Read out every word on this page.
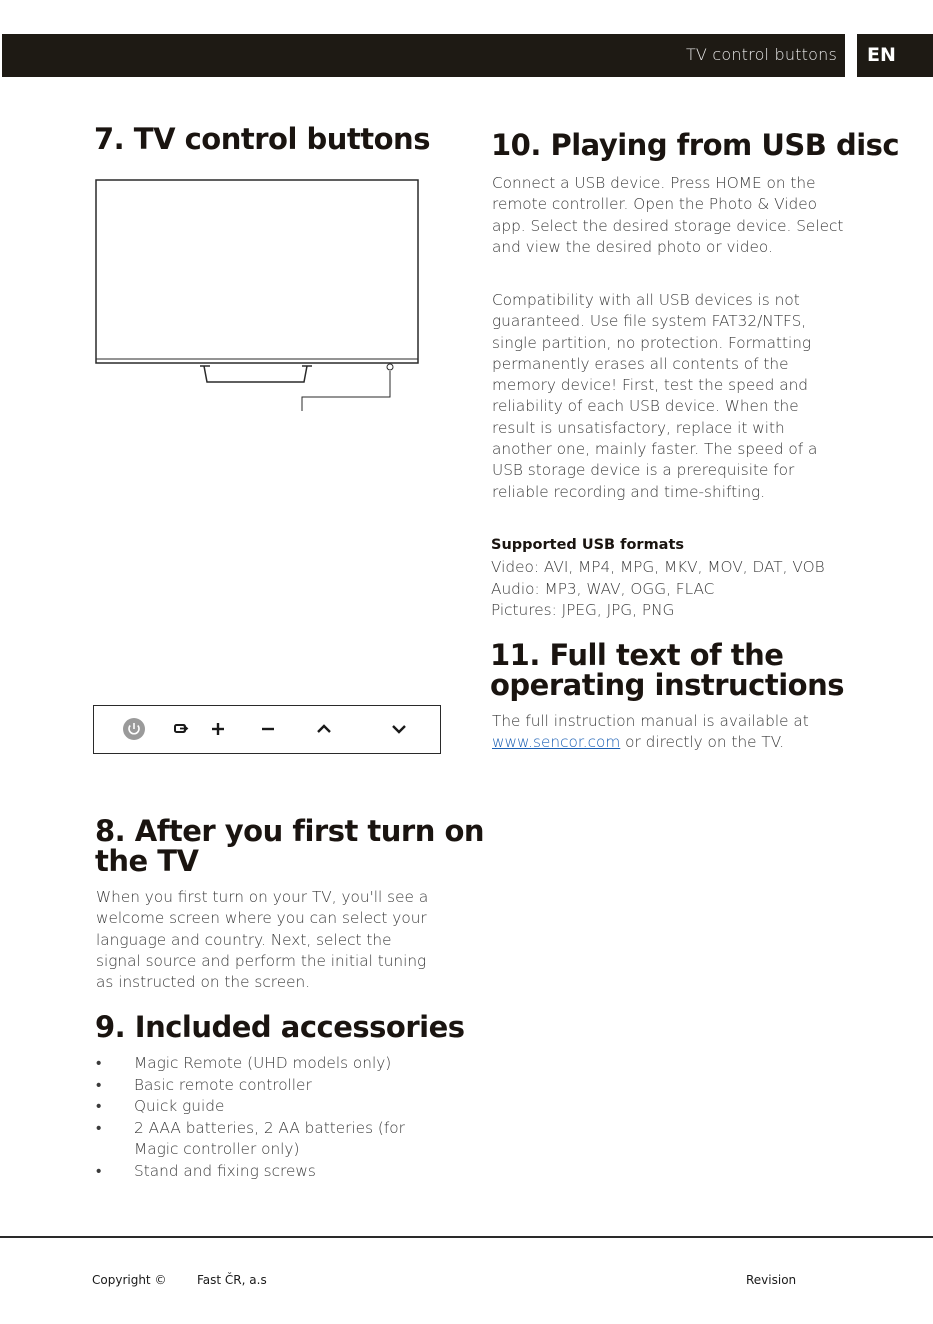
TV control buttons	EN
7. TV control buttons
8. After you first turn on
the TV

When you first turn on your TV, you'll see a welcome screen where you can select your language and country. Next, select the signal source and perform the initial tuning as instructed on the screen.

9. Included accessories
• Magic Remote (UHD models only)
• Basic remote controller
• Quick guide
• 2 AAA batteries, 2 AA batteries (for Magic controller only)
• Stand and fixing screws
10. Playing from USB disc

Connect a USB device. Press HOME on the remote controller. Open the Photo & Video app. Select the desired storage device. Select and view the desired photo or video.

Compatibility with all USB devices is not guaranteed. Use file system FAT32/NTFS, single partition, no protection. Formatting permanently erases all contents of the memory device! First, test the speed and reliability of each USB device. When the result is unsatisfactory, replace it with another one, mainly faster. The speed of a USB storage device is a prerequisite for reliable recording and time-shifting.

Supported USB formats

Video: AVI, MP4, MPG, MKV, MOV, DAT, VOB

Audio: MP3, WAV, OGG, FLAC

Pictures: JPEG, JPG, PNG

11. Full text of the
operating instructions

The full instruction manual is available at
www.sencor.com or directly on the TV.

Copyright ©	Fast ČR, a.s	Revision
